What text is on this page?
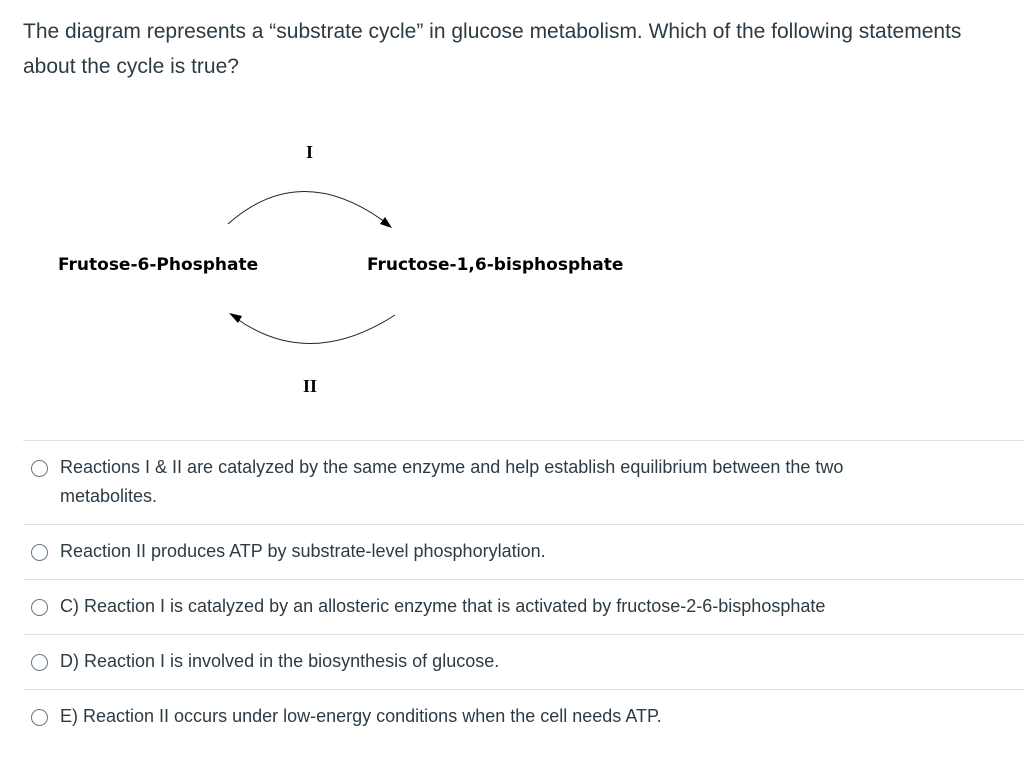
The diagram represents a “substrate cycle” in glucose metabolism. Which of the following statements about the cycle is true?
I
Frutose-6-Phosphate	Fructose-1,6-bisphosphate
II
Reactions I & II are catalyzed by the same enzyme and help establish equilibrium between the two metabolites.
Reaction II produces ATP by substrate-level phosphorylation.
C) Reaction I is catalyzed by an allosteric enzyme that is activated by fructose-2-6-bisphosphate
D) Reaction I is involved in the biosynthesis of glucose.
E) Reaction II occurs under low-energy conditions when the cell needs ATP.
